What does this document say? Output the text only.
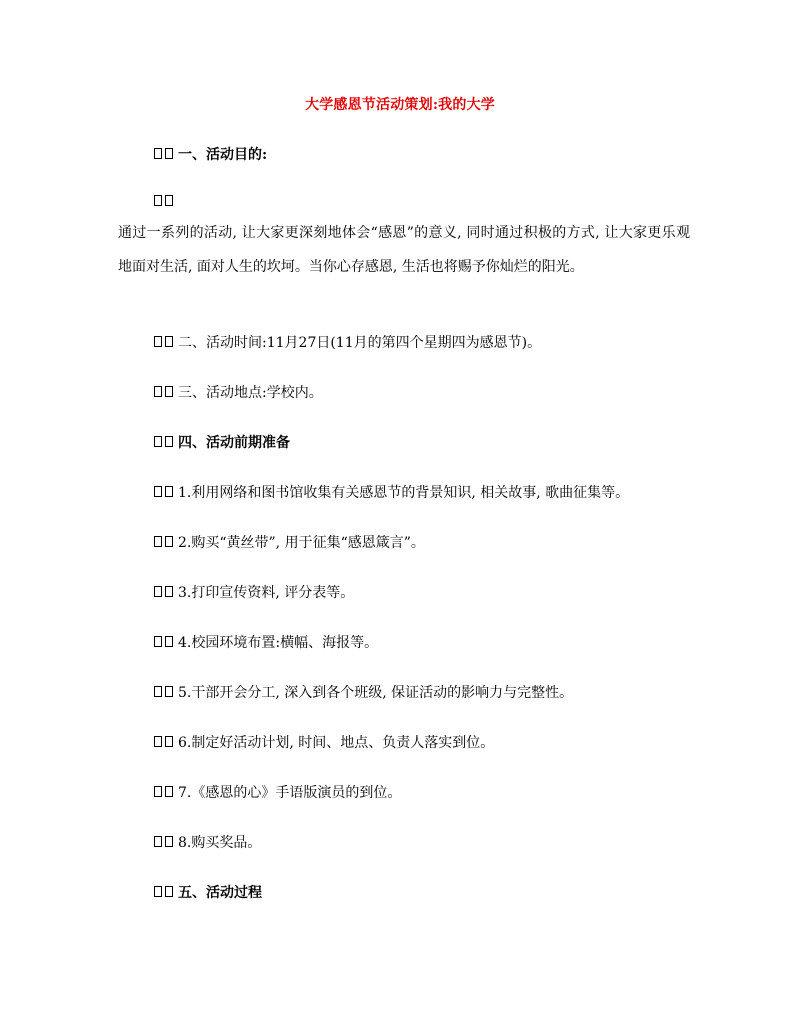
大学感恩节活动策划:我的大学
一、活动目的:
通过一系列的活动, 让大家更深刻地体会“感恩”的意义, 同时通过积极的方式, 让大家更乐观地面对生活, 面对人生的坎坷。当你心存感恩, 生活也将赐予你灿烂的阳光。
二、活动时间:11月27日(11月的第四个星期四为感恩节)。
三、活动地点:学校内。
四、活动前期准备
1.利用网络和图书馆收集有关感恩节的背景知识, 相关故事, 歌曲征集等。
2.购买“黄丝带”, 用于征集“感恩箴言”。
3.打印宣传资料, 评分表等。
4.校园环境布置:横幅、海报等。
5.干部开会分工, 深入到各个班级, 保证活动的影响力与完整性。
6.制定好活动计划, 时间、地点、负责人落实到位。
7.《感恩的心》手语版演员的到位。
8.购买奖品。
五、活动过程
